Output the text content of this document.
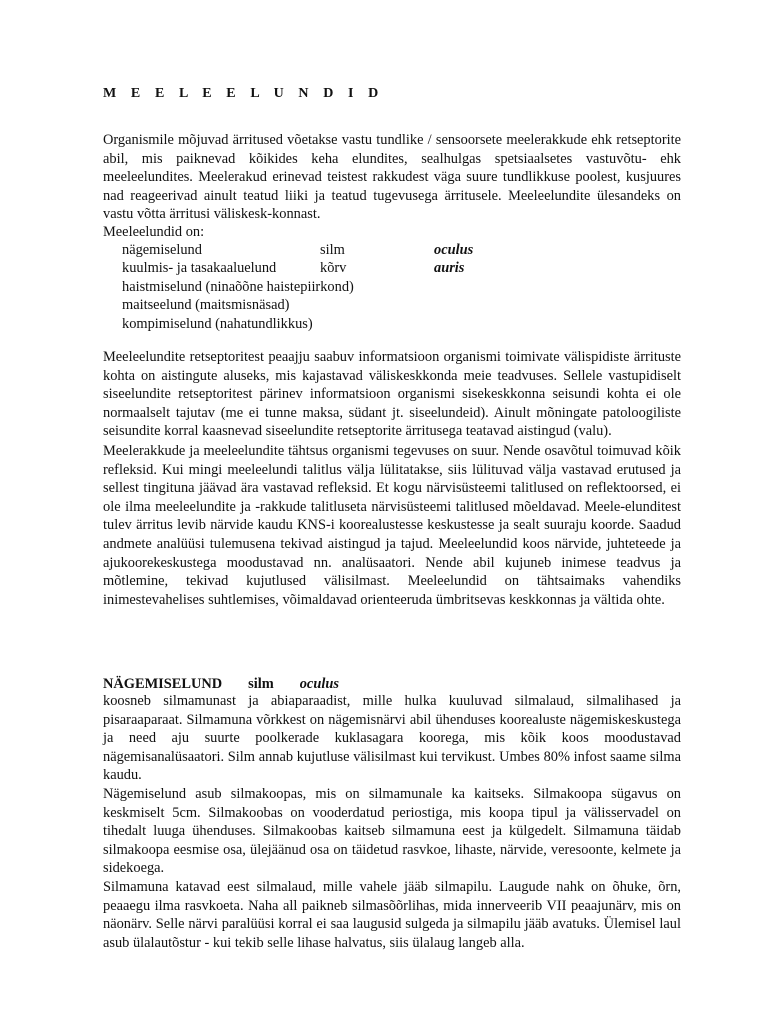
M E E L E E L U N D I D
Organismile mõjuvad ärritused võetakse vastu tundlike / sensoorsete meelerakkude ehk retseptorite abil, mis paiknevad kõikides keha elundites, sealhulgas spetsiaalsetes vastuvõtu- ehk meeleelundites. Meelerakud erinevad teistest rakkudest väga suure tundlikkuse poolest, kusjuures nad reageerivad ainult teatud liiki ja teatud tugevusega ärritusele. Meeleelundite ülesandeks on vastu võtta ärritusi väliskesk-konnast.
Meeleelundid on:
nägemiselund	silm	oculus
kuulmis- ja tasakaaluelund	kõrv	auris
haistmiselund (ninaõõne haistepiirkond)
maitseelund (maitsmisnäsad)
kompimiselund (nahatundlikkus)
Meeleelundite retseptoritest peaajju saabuv informatsioon organismi toimivate välispidiste ärrituste kohta on aistingute aluseks, mis kajastavad väliskeskkonda meie teadvuses. Sellele vastupidiselt siseelundite retseptoritest pärinev informatsioon organismi sisekeskkonna seisundi kohta ei ole normaalselt tajutav (me ei tunne maksa, südant jt. siseelundeid). Ainult mõningate patoloogiliste seisundite korral kaasnevad siseelundite retseptorite ärritusega teatavad aistingud (valu).
Meelerakkude ja meeleelundite tähtsus organismi tegevuses on suur. Nende osavõtul toimuvad kõik refleksid. Kui mingi meeleelundi talitlus välja lülitatakse, siis lülituvad välja vastavad erutused ja sellest tingituna jäävad ära vastavad refleksid. Et kogu närvisüsteemi talitlused on reflektoorsed, ei ole ilma meeleelundite ja -rakkude talitluseta närvisüsteemi talitlused mõeldavad. Meele-elunditest tulev ärritus levib närvide kaudu KNS-i koorealustesse keskustesse ja sealt suuraju koorde. Saadud andmete analüüsi tulemusena tekivad aistingud ja tajud. Meeleelundid koos närvide, juhteteede ja ajukoorekeskustega moodustavad nn. analüsaatori. Nende abil kujuneb inimese teadvus ja mõtlemine, tekivad kujutlused välisilmast. Meeleelundid on tähtsaimaks vahendiks inimestevahelises suhtlemises, võimaldavad orienteeruda ümbritsevas keskkonnas ja vältida ohte.
NÄGEMISELUND silm oculus
koosneb silmamunast ja abiaparaadist, mille hulka kuuluvad silmalaud, silmalihased ja pisaraaparaat. Silmamuna võrkkest on nägemisnärvi abil ühenduses koorealuste nägemiskeskustega ja need aju suurte poolkerade kuklasagara kooregа, mis kõik koos moodustavad nägemisanalüsaatori. Silm annab kujutluse välisilmast kui tervikust. Umbes 80% infost saame silma kaudu.
Nägemiselund asub silmakoopas, mis on silmamunale ka kaitseks. Silmakoopa sügavus on keskmiselt 5cm. Silmakoobas on vooderdatud periostiga, mis koopa tipul ja välisservadel on tihedalt luuga ühenduses. Silmakoobas kaitseb silmamuna eest ja külgedelt. Silmamuna täidab silmakoopa eesmise osa, ülejäänud osa on täidetud rasvkoe, lihaste, närvide, veresoonte, kelmete ja sidekoega.
Silmamuna katavad eest silmalaud, mille vahele jääb silmapilu. Laugude nahk on õhuke, õrn, peaaegu ilma rasvkoeta. Naha all paikneb silmasõõrlihas, mida innerveerib VII peaajunärv, mis on näonärv. Selle närvi paralüüsi korral ei saa laugusid sulgeda ja silmapilu jääb avatuks. Ülemisel laul asub ülalautõstur - kui tekib selle lihase halvatus, siis ülalaug langeb alla.
